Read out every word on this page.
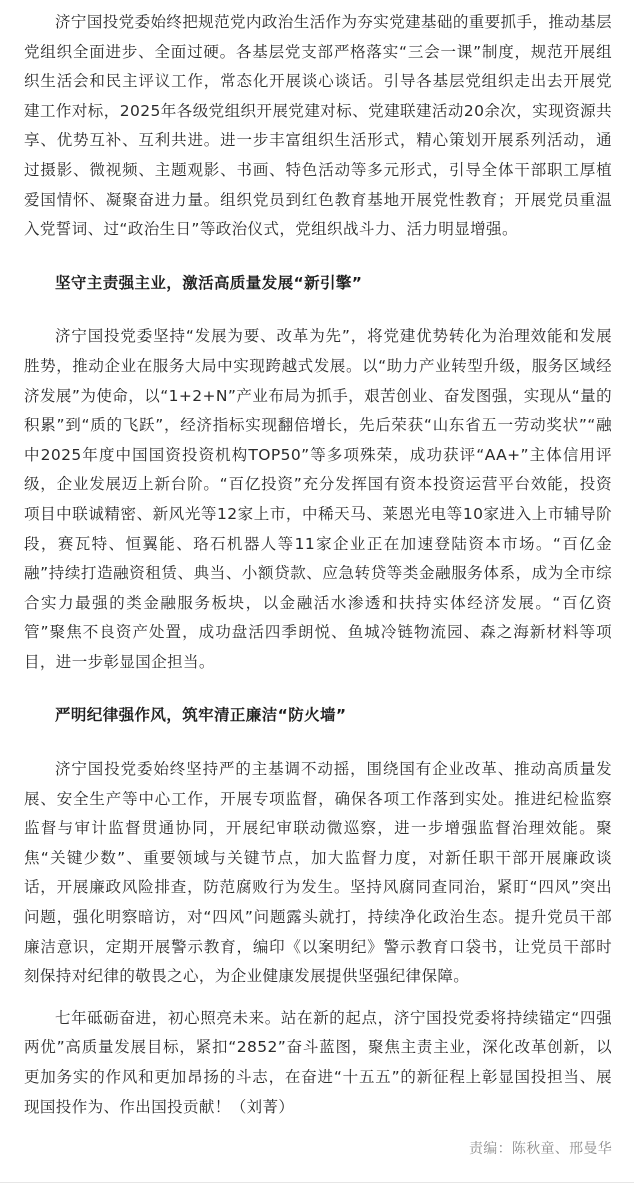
济宁国投党委始终把规范党内政治生活作为夯实党建基础的重要抓手，推动基层党组织全面进步、全面过硬。各基层党支部严格落实“三会一课”制度，规范开展组织生活会和民主评议工作，常态化开展谈心谈话。引导各基层党组织走出去开展党建工作对标，2025年各级党组织开展党建对标、党建联建活动20余次，实现资源共享、优势互补、互利共进。进一步丰富组织生活形式，精心策划开展系列活动，通过摄影、微视频、主题观影、书画、特色活动等多元形式，引导全体干部职工厚植爱国情怀、凝聚奋进力量。组织党员到红色教育基地开展党性教育；开展党员重温入党誓词、过“政治生日”等政治仪式，党组织战斗力、活力明显增强。

坚守主责强主业，激活高质量发展“新引擎”

济宁国投党委坚持“发展为要、改革为先”，将党建优势转化为治理效能和发展胜势，推动企业在服务大局中实现跨越式发展。以“助力产业转型升级，服务区域经济发展”为使命，以“1+2+N”产业布局为抓手，艰苦创业、奋发图强，实现从“量的积累”到“质的飞跃”，经济指标实现翻倍增长，先后荣获“山东省五一劳动奖状”“融中2025年度中国国资投资机构TOP50”等多项殊荣，成功获评“AA+”主体信用评级，企业发展迈上新台阶。“百亿投资”充分发挥国有资本投资运营平台效能，投资项目中联诚精密、新风光等12家上市，中稀天马、莱恩光电等10家进入上市辅导阶段，赛瓦特、恒翼能、珞石机器人等11家企业正在加速登陆资本市场。“百亿金融”持续打造融资租赁、典当、小额贷款、应急转贷等类金融服务体系，成为全市综合实力最强的类金融服务板块，以金融活水渗透和扶持实体经济发展。“百亿资管”聚焦不良资产处置，成功盘活四季朗悦、鱼城冷链物流园、森之海新材料等项目，进一步彰显国企担当。

严明纪律强作风，筑牢清正廉洁“防火墙”

济宁国投党委始终坚持严的主基调不动摇，围绕国有企业改革、推动高质量发展、安全生产等中心工作，开展专项监督，确保各项工作落到实处。推进纪检监察监督与审计监督贯通协同，开展纪审联动微巡察，进一步增强监督治理效能。聚焦“关键少数”、重要领域与关键节点，加大监督力度，对新任职干部开展廉政谈话，开展廉政风险排查，防范腐败行为发生。坚持风腐同查同治，紧盯“四风”突出问题，强化明察暗访，对“四风”问题露头就打，持续净化政治生态。提升党员干部廉洁意识，定期开展警示教育，编印《以案明纪》警示教育口袋书，让党员干部时刻保持对纪律的敬畏之心，为企业健康发展提供坚强纪律保障。

七年砥砺奋进，初心照亮未来。站在新的起点，济宁国投党委将持续锚定“四强两优”高质量发展目标，紧扣“2852”奋斗蓝图，聚焦主责主业，深化改革创新，以更加务实的作风和更加昂扬的斗志，在奋进“十五五”的新征程上彰显国投担当、展现国投作为、作出国投贡献！（刘菁）

责编：陈秋童、邢曼华
